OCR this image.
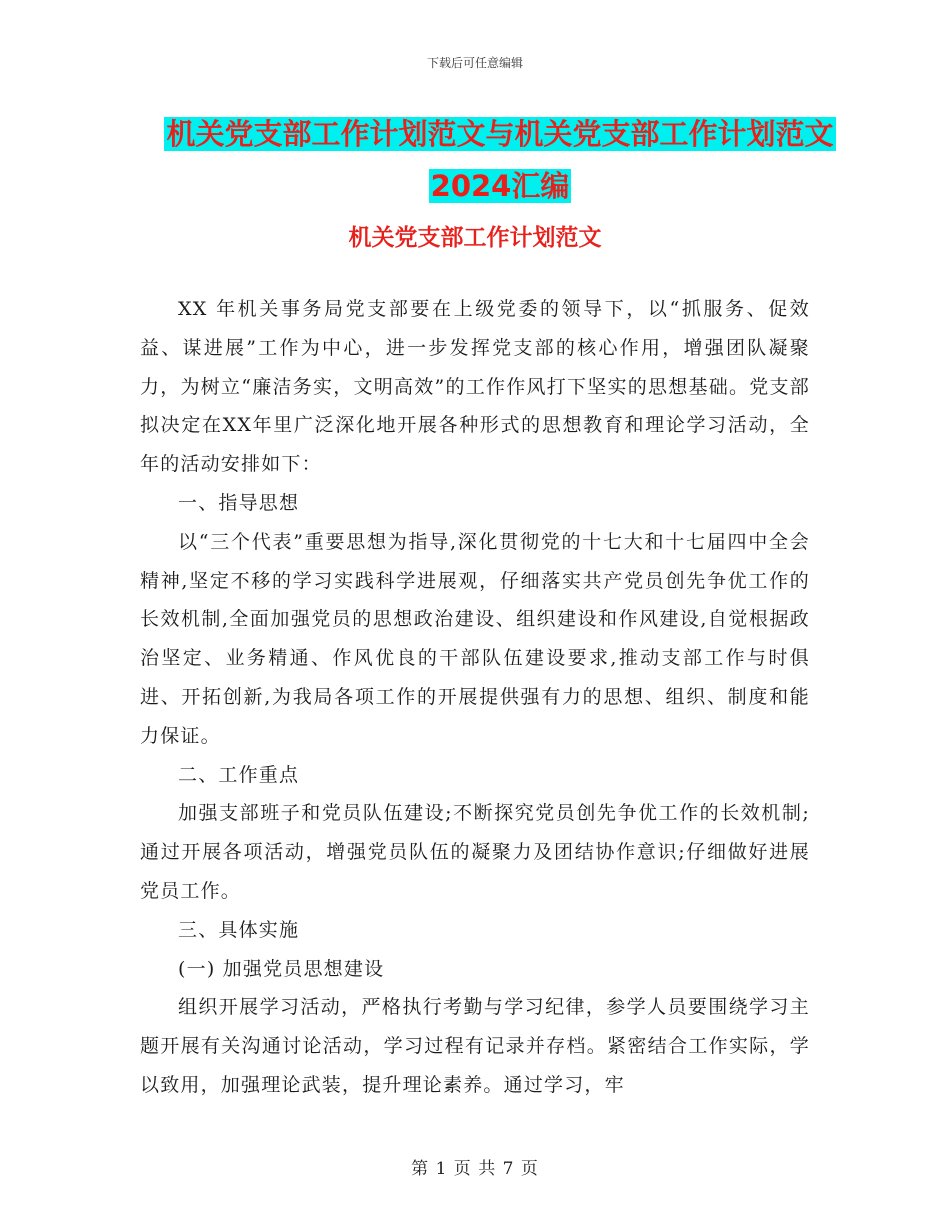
下载后可任意编辑
机关党支部工作计划范文与机关党支部工作计划范文
2024汇编
机关党支部工作计划范文

XX 年机关事务局党支部要在上级党委的领导下，以“抓服务、促效益、谋进展”工作为中心，进一步发挥党支部的核心作用，增强团队凝聚力，为树立“廉洁务实，文明高效”的工作作风打下坚实的思想基础。党支部拟决定在XX年里广泛深化地开展各种形式的思想教育和理论学习活动，全年的活动安排如下：

一、指导思想

以“三个代表”重要思想为指导,深化贯彻党的十七大和十七届四中全会精神,坚定不移的学习实践科学进展观，仔细落实共产党员创先争优工作的长效机制,全面加强党员的思想政治建设、组织建设和作风建设,自觉根据政治坚定、业务精通、作风优良的干部队伍建设要求,推动支部工作与时俱进、开拓创新,为我局各项工作的开展提供强有力的思想、组织、制度和能力保证。

二、工作重点

加强支部班子和党员队伍建设;不断探究党员创先争优工作的长效机制;通过开展各项活动，增强党员队伍的凝聚力及团结协作意识;仔细做好进展党员工作。

三、具体实施

(一) 加强党员思想建设

组织开展学习活动，严格执行考勤与学习纪律，参学人员要围绕学习主题开展有关沟通讨论活动，学习过程有记录并存档。紧密结合工作实际，学以致用，加强理论武装，提升理论素养。通过学习，牢

第 1 页 共 7 页
